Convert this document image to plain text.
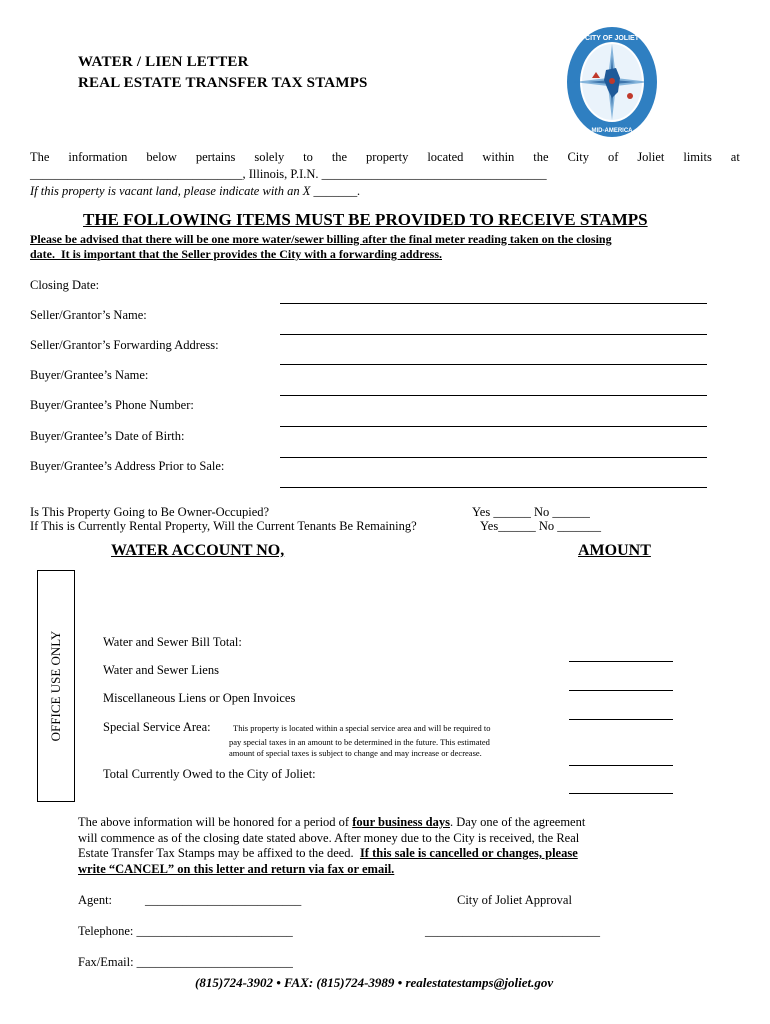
WATER / LIEN LETTER
REAL ESTATE TRANSFER TAX STAMPS
CITY OF JOLIET
MID-AMERICA
The information below pertains solely to the property located within the City of Joliet limits at
__________________________________, Illinois, P.I.N. ____________________________________
If this property is vacant land, please indicate with an X _______.
THE FOLLOWING ITEMS MUST BE PROVIDED TO RECEIVE STAMPS
Please be advised that there will be one more water/sewer billing after the final meter reading taken on the closing
date.  It is important that the Seller provides the City with a forwarding address.
Closing Date:
Seller/Grantor’s Name:
Seller/Grantor’s Forwarding Address:
Buyer/Grantee’s Name:
Buyer/Grantee’s Phone Number:
Buyer/Grantee’s Date of Birth:
Buyer/Grantee’s Address Prior to Sale:
Is This Property Going to Be Owner-Occupied?	Yes ______ No ______
If This is Currently Rental Property, Will the Current Tenants Be Remaining?	Yes______ No _______
WATER ACCOUNT NO,	AMOUNT
OFFICE USE ONLY	Water and Sewer Bill Total:
Water and Sewer Liens
Miscellaneous Liens or Open Invoices
Special Service Area:	This property is located within a special service area and will be required to
pay special taxes in an amount to be determined in the future. This estimated
amount of special taxes is subject to change and may increase or decrease.
Total Currently Owed to the City of Joliet:
The above information will be honored for a period of four business days. Day one of the agreement
will commence as of the closing date stated above. After money due to the City is received, the Real
Estate Transfer Tax Stamps may be affixed to the deed.  If this sale is cancelled or changes, please
write “CANCEL” on this letter and return via fax or email.
Agent:	_________________________	City of Joliet Approval
Telephone: _________________________	____________________________
Fax/Email: _________________________
(815)724-3902 • FAX: (815)724-3989 • realestatestamps@joliet.gov
